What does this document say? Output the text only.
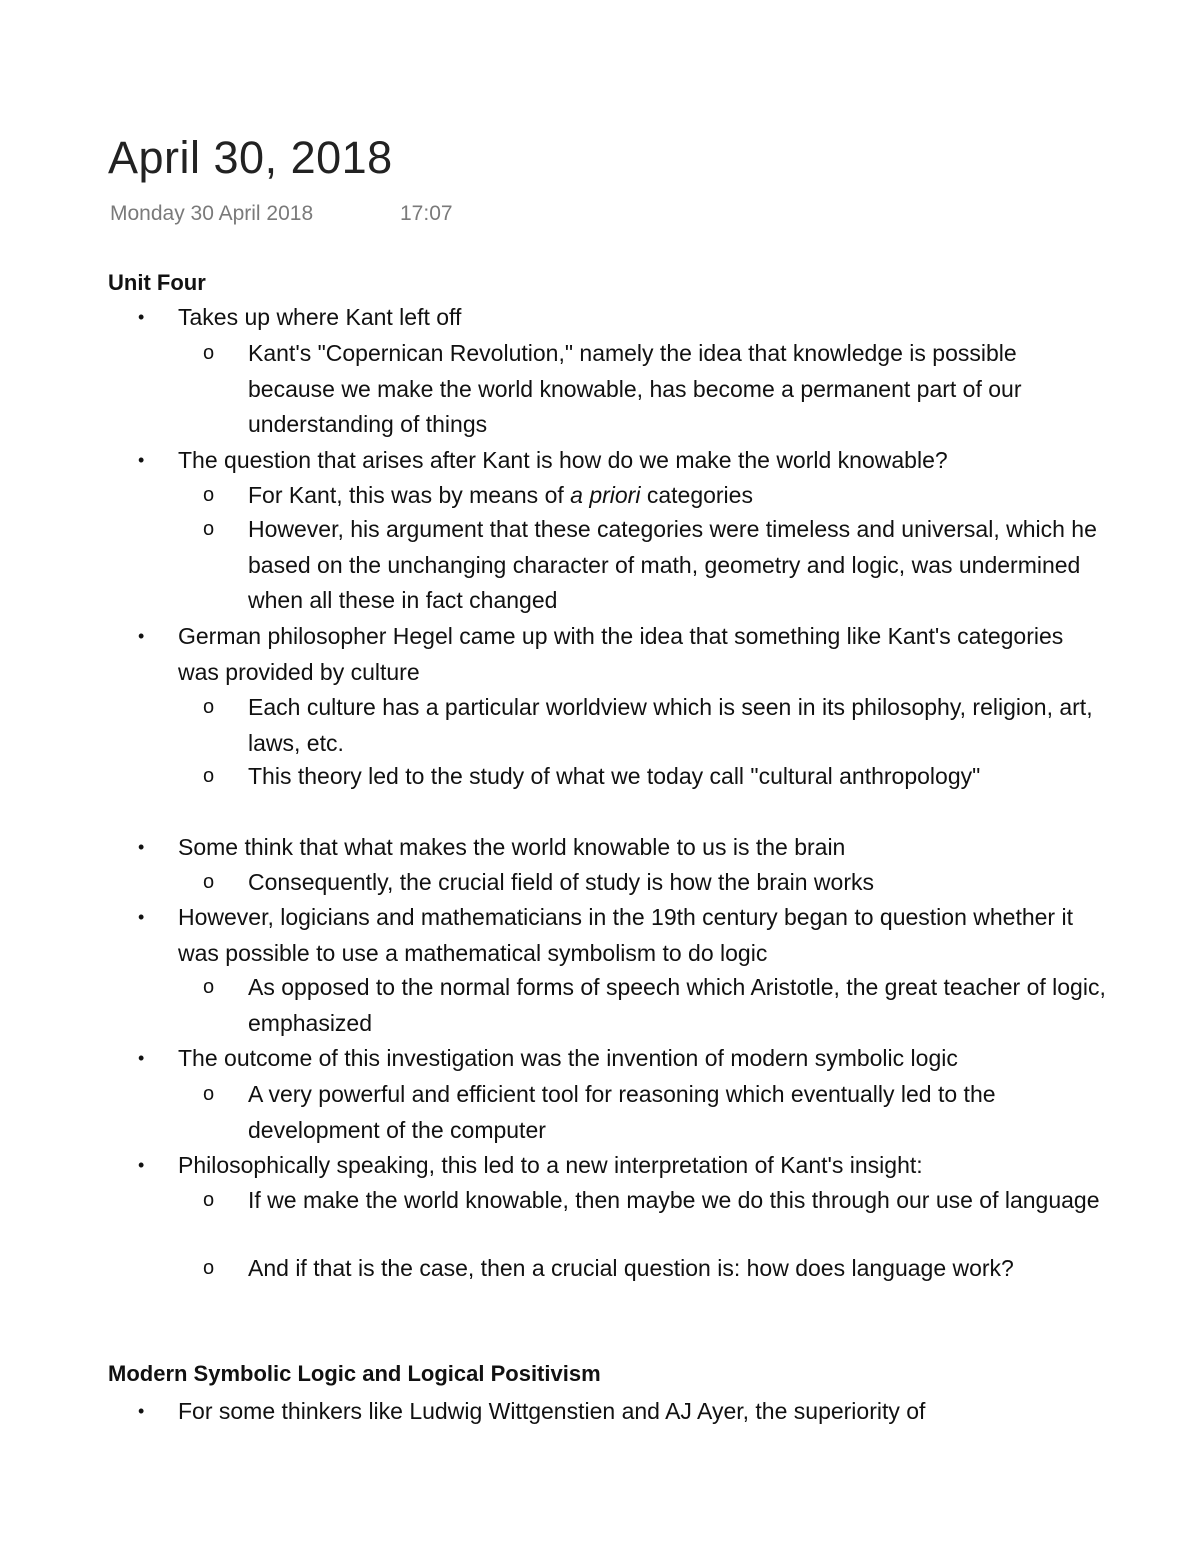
April 30, 2018
Monday 30 April 2018	17:07
Unit Four
• Takes up where Kant left off
o Kant's "Copernican Revolution," namely the idea that knowledge is possible because we make the world knowable, has become a permanent part of our understanding of things
• The question that arises after Kant is how do we make the world knowable?
o For Kant, this was by means of a priori categories
o However, his argument that these categories were timeless and universal, which he based on the unchanging character of math, geometry and logic, was undermined when all these in fact changed
• German philosopher Hegel came up with the idea that something like Kant's categories was provided by culture
o Each culture has a particular worldview which is seen in its philosophy, religion, art, laws, etc.
o This theory led to the study of what we today call "cultural anthropology"
• Some think that what makes the world knowable to us is the brain
o Consequently, the crucial field of study is how the brain works
• However, logicians and mathematicians in the 19th century began to question whether it was possible to use a mathematical symbolism to do logic
o As opposed to the normal forms of speech which Aristotle, the great teacher of logic, emphasized
• The outcome of this investigation was the invention of modern symbolic logic
o A very powerful and efficient tool for reasoning which eventually led to the development of the computer
• Philosophically speaking, this led to a new interpretation of Kant's insight:
o If we make the world knowable, then maybe we do this through our use of language
o And if that is the case, then a crucial question is: how does language work?
Modern Symbolic Logic and Logical Positivism
• For some thinkers like Ludwig Wittgenstien and AJ Ayer, the superiority of
